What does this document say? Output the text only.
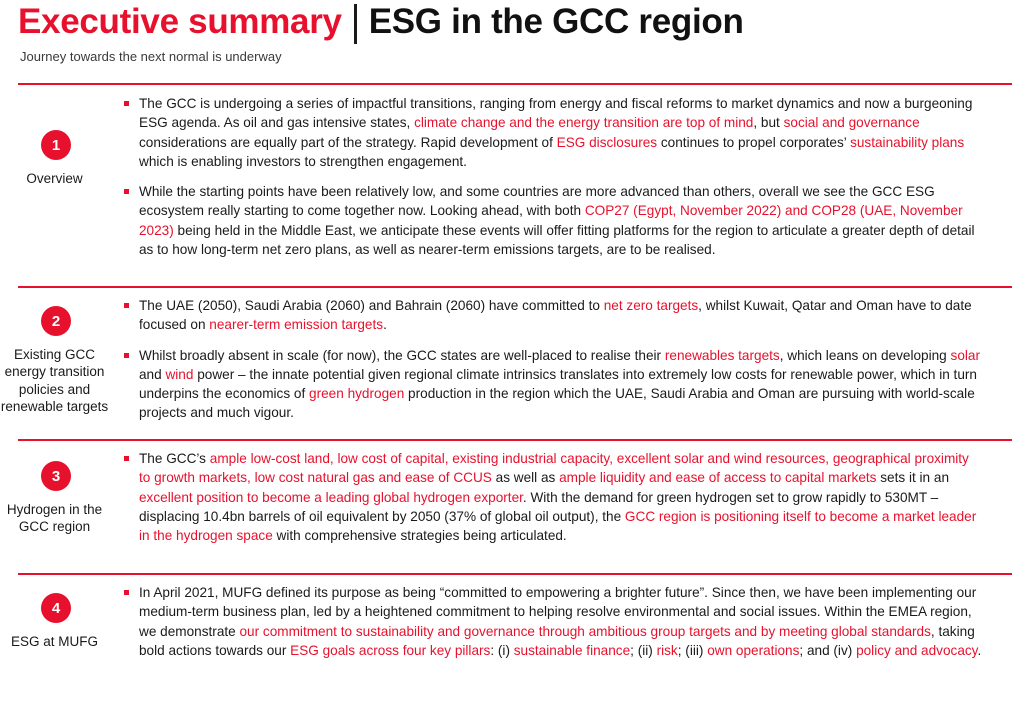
Executive summary ESG in the GCC region
Journey towards the next normal is underway
1
Overview
The GCC is undergoing a series of impactful transitions, ranging from energy and fiscal reforms to market dynamics and now a burgeoning ESG agenda. As oil and gas intensive states, climate change and the energy transition are top of mind, but social and governance considerations are equally part of the strategy. Rapid development of ESG disclosures continues to propel corporates’ sustainability plans which is enabling investors to strengthen engagement.
While the starting points have been relatively low, and some countries are more advanced than others, overall we see the GCC ESG ecosystem really starting to come together now. Looking ahead, with both COP27 (Egypt, November 2022) and COP28 (UAE, November 2023) being held in the Middle East, we anticipate these events will offer fitting platforms for the region to articulate a greater depth of detail as to how long-term net zero plans, as well as nearer-term emissions targets, are to be realised.
2
Existing GCC energy transition policies and renewable targets
The UAE (2050), Saudi Arabia (2060) and Bahrain (2060) have committed to net zero targets, whilst Kuwait, Qatar and Oman have to date focused on nearer-term emission targets.
Whilst broadly absent in scale (for now), the GCC states are well-placed to realise their renewables targets, which leans on developing solar and wind power – the innate potential given regional climate intrinsics translates into extremely low costs for renewable power, which in turn underpins the economics of green hydrogen production in the region which the UAE, Saudi Arabia and Oman are pursuing with world-scale projects and much vigour.
3
Hydrogen in the GCC region
The GCC’s ample low-cost land, low cost of capital, existing industrial capacity, excellent solar and wind resources, geographical proximity to growth markets, low cost natural gas and ease of CCUS as well as ample liquidity and ease of access to capital markets sets it in an excellent position to become a leading global hydrogen exporter. With the demand for green hydrogen set to grow rapidly to 530MT – displacing 10.4bn barrels of oil equivalent by 2050 (37% of global oil output), the GCC region is positioning itself to become a market leader in the hydrogen space with comprehensive strategies being articulated.
4
ESG at MUFG
In April 2021, MUFG defined its purpose as being “committed to empowering a brighter future”. Since then, we have been implementing our medium-term business plan, led by a heightened commitment to helping resolve environmental and social issues. Within the EMEA region, we demonstrate our commitment to sustainability and governance through ambitious group targets and by meeting global standards, taking bold actions towards our ESG goals across four key pillars: (i) sustainable finance; (ii) risk; (iii) own operations; and (iv) policy and advocacy.
